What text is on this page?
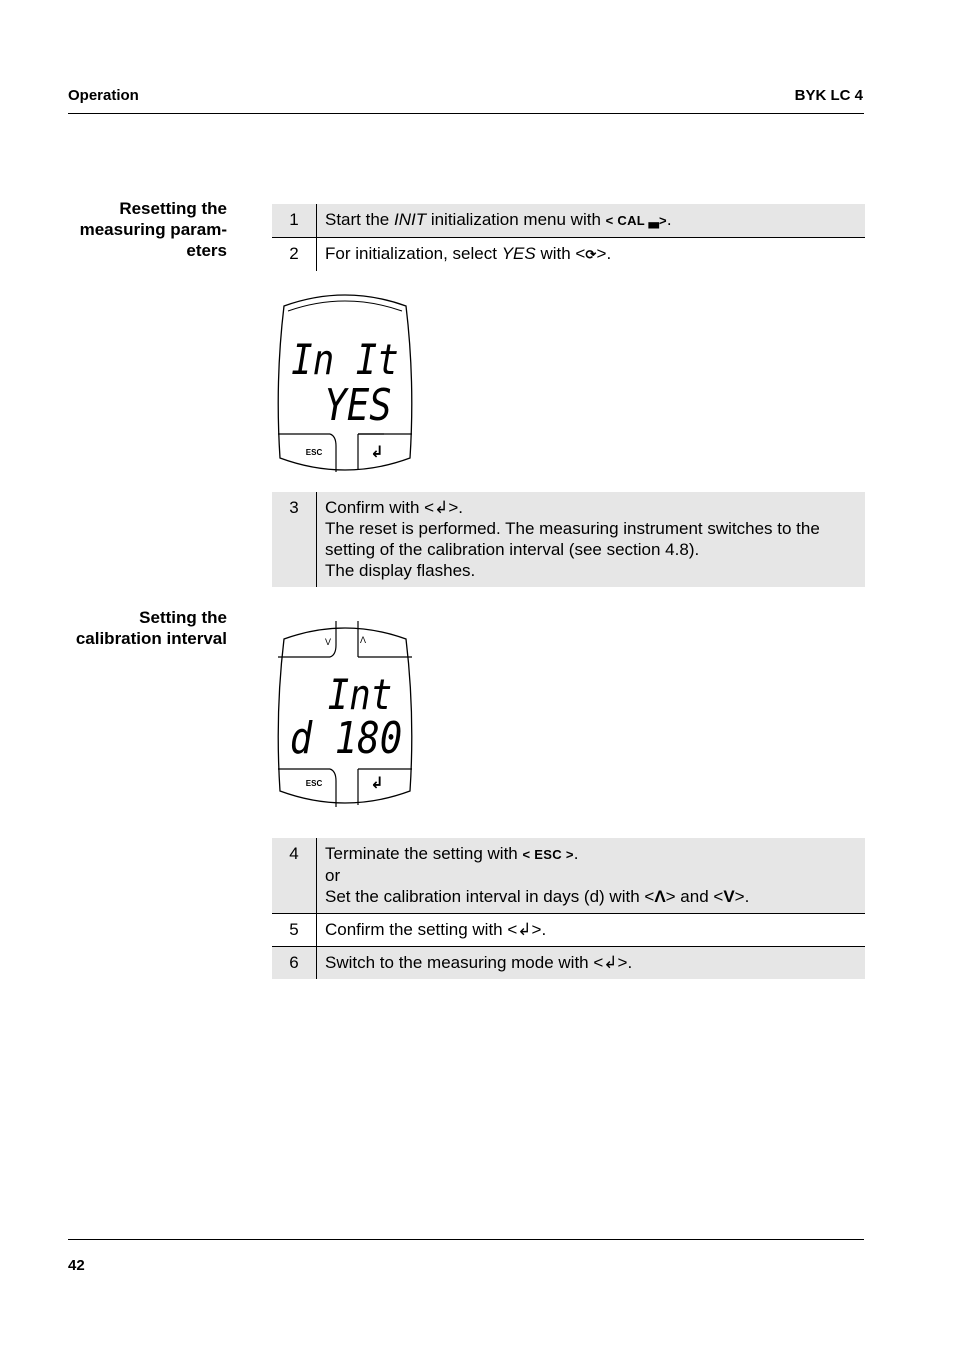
Operation	BYK LC 4
Resetting the
measuring param-
eters
1	Start the INIT initialization menu with < CAL ▃>.
2	For initialization, select YES with <⟳>.
In It
YES
ESC	↲
3	Confirm with <↲>.
The reset is performed. The measuring instrument switches to the
setting of the calibration interval (see section 4.8).
The display flashes.
Setting the
calibration interval	V	Λ
Int
d 180
ESC	↲
4	Terminate the setting with < ESC >.
or
Set the calibration interval in days (d) with <Λ> and <V>.

5	Confirm the setting with <↲>.
6	Switch to the measuring mode with <↲>.
42
